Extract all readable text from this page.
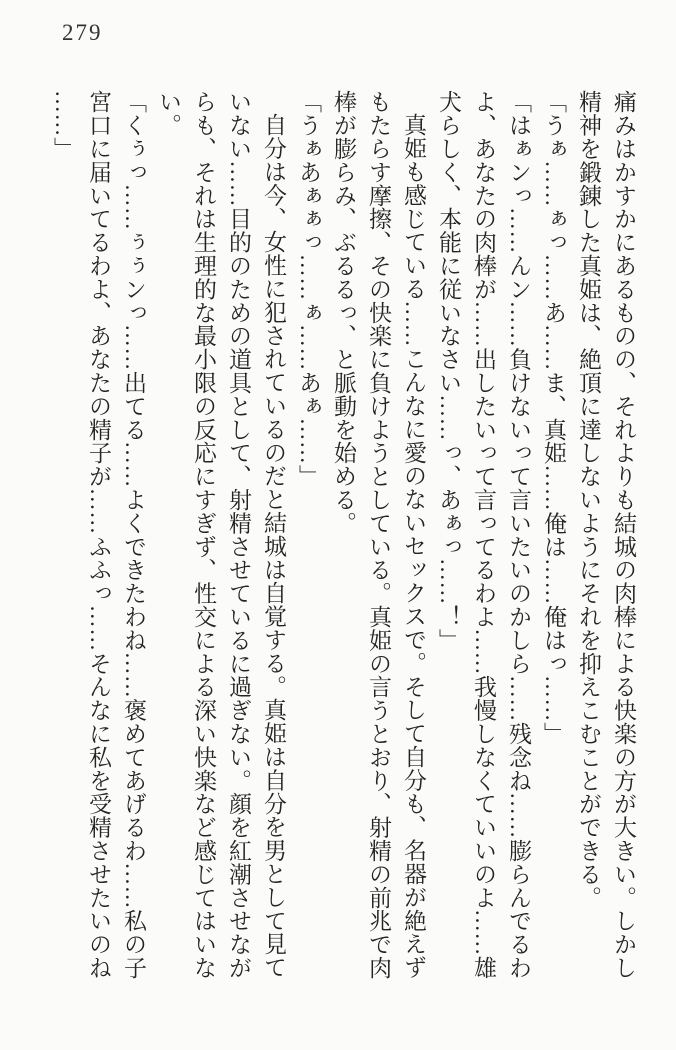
279
痛みはかすかにあるものの、それよりも結城の肉棒による快楽の方が大きい。しかし
精神を鍛錬した真姫は、絶頂に達しないようにそれを抑えこむことができる。
「うぁ……ぁっ……あ……ま、真姫……俺は……俺はっ……」
「はぁンっ……んン……負けないって言いたいのかしら……残念ね……膨らんでるわ
よ、あなたの肉棒が……出したいって言ってるわよ……我慢しなくていいのよ……雄
犬らしく、本能に従いなさい……っ、あぁっ……！」
真姫も感じている……こんなに愛のないセックスで。そして自分も、名器が絶えず
もたらす摩擦、その快楽に負けようとしている。真姫の言うとおり、射精の前兆で肉
棒が膨らみ、ぶるるっ、と脈動を始める。
「うぁあぁぁっ……ぁ……あぁ……」
自分は今、女性に犯されているのだと結城は自覚する。真姫は自分を男として見て
いない……目的のための道具として、射精させているに過ぎない。顔を紅潮させなが
らも、それは生理的な最小限の反応にすぎず、性交による深い快楽など感じてはいな
い。
「くぅっ……ぅぅンっ……出てる……よくできたわね……褒めてあげるわ……私の子
宮口に届いてるわよ、あなたの精子が……ふふっ……そんなに私を受精させたいのね
……」
